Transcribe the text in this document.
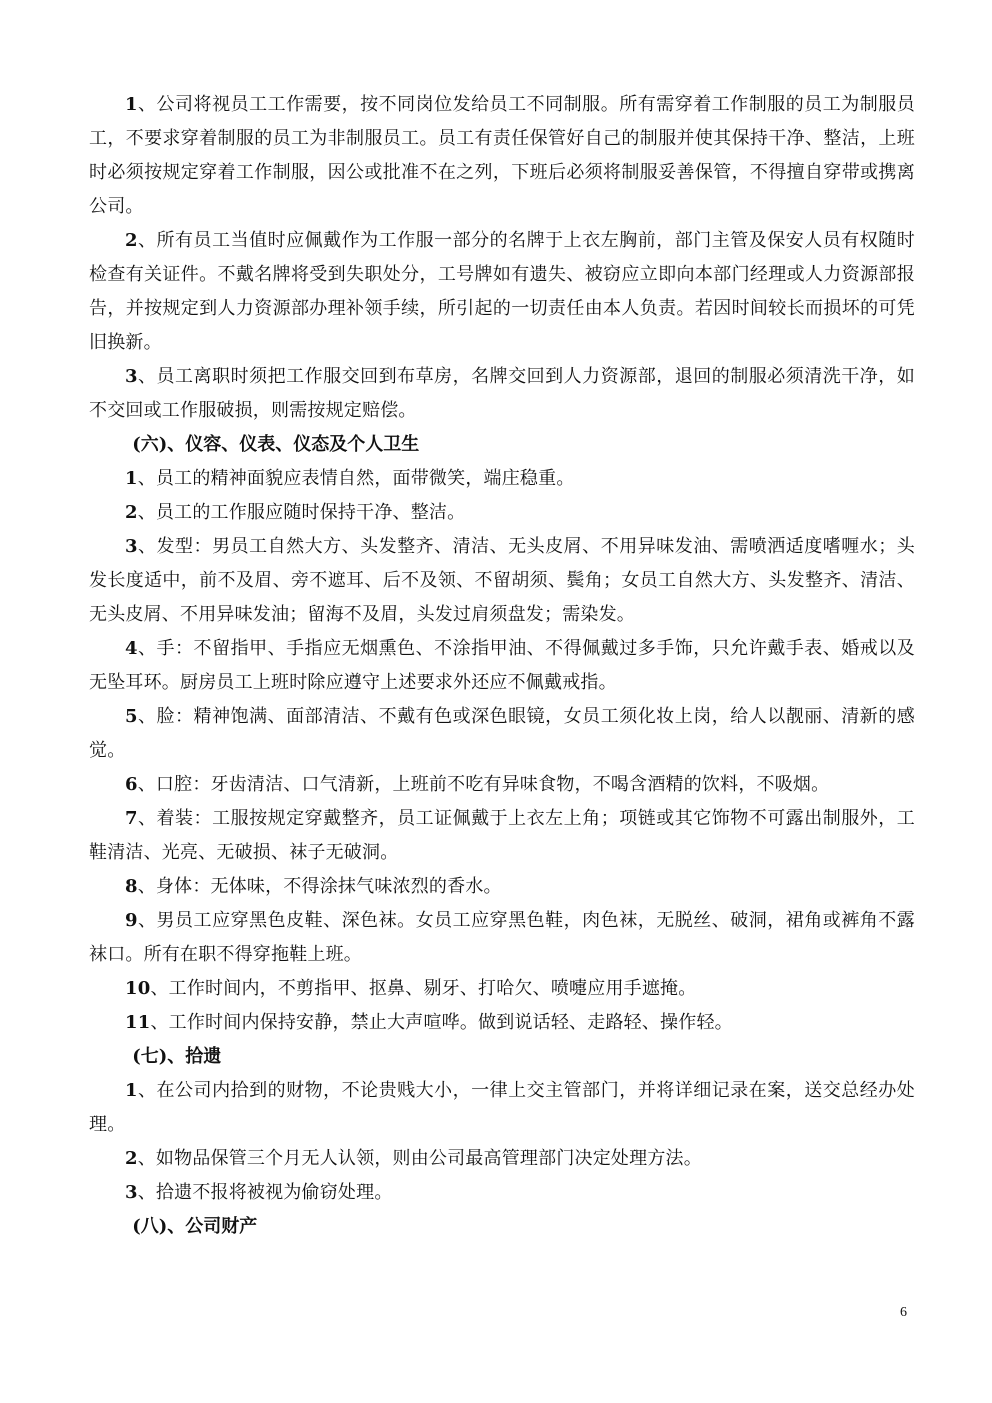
1、公司将视员工工作需要，按不同岗位发给员工不同制服。所有需穿着工作制服的员工为制服员工，不要求穿着制服的员工为非制服员工。员工有责任保管好自己的制服并使其保持干净、整洁，上班时必须按规定穿着工作制服，因公或批准不在之列，下班后必须将制服妥善保管，不得擅自穿带或携离公司。

2、所有员工当值时应佩戴作为工作服一部分的名牌于上衣左胸前，部门主管及保安人员有权随时检查有关证件。不戴名牌将受到失职处分，工号牌如有遗失、被窃应立即向本部门经理或人力资源部报告，并按规定到人力资源部办理补领手续，所引起的一切责任由本人负责。若因时间较长而损坏的可凭旧换新。

3、员工离职时须把工作服交回到布草房，名牌交回到人力资源部，退回的制服必须清洗干净，如不交回或工作服破损，则需按规定赔偿。

(六)、仪容、仪表、仪态及个人卫生

1、员工的精神面貌应表情自然，面带微笑，端庄稳重。

2、员工的工作服应随时保持干净、整洁。

3、发型：男员工自然大方、头发整齐、清洁、无头皮屑、不用异味发油、需喷洒适度嗜喱水；头发长度适中，前不及眉、旁不遮耳、后不及领、不留胡须、鬓角；女员工自然大方、头发整齐、清洁、无头皮屑、不用异味发油；留海不及眉，头发过肩须盘发；需染发。

4、手：不留指甲、手指应无烟熏色、不涂指甲油、不得佩戴过多手饰，只允许戴手表、婚戒以及无坠耳环。厨房员工上班时除应遵守上述要求外还应不佩戴戒指。

5、脸：精神饱满、面部清洁、不戴有色或深色眼镜，女员工须化妆上岗，给人以靓丽、清新的感觉。

6、口腔：牙齿清洁、口气清新，上班前不吃有异味食物，不喝含酒精的饮料，不吸烟。

7、着装：工服按规定穿戴整齐，员工证佩戴于上衣左上角；项链或其它饰物不可露出制服外，工鞋清洁、光亮、无破损、袜子无破洞。

8、身体：无体味，不得涂抹气味浓烈的香水。

9、男员工应穿黑色皮鞋、深色袜。女员工应穿黑色鞋，肉色袜，无脱丝、破洞，裙角或裤角不露袜口。所有在职不得穿拖鞋上班。

10、工作时间内，不剪指甲、抠鼻、剔牙、打哈欠、喷嚏应用手遮掩。

11、工作时间内保持安静，禁止大声喧哗。做到说话轻、走路轻、操作轻。

(七)、拾遗

1、在公司内拾到的财物，不论贵贱大小，一律上交主管部门，并将详细记录在案，送交总经办处理。

2、如物品保管三个月无人认领，则由公司最高管理部门决定处理方法。

3、拾遗不报将被视为偷窃处理。

(八)、公司财产

6
